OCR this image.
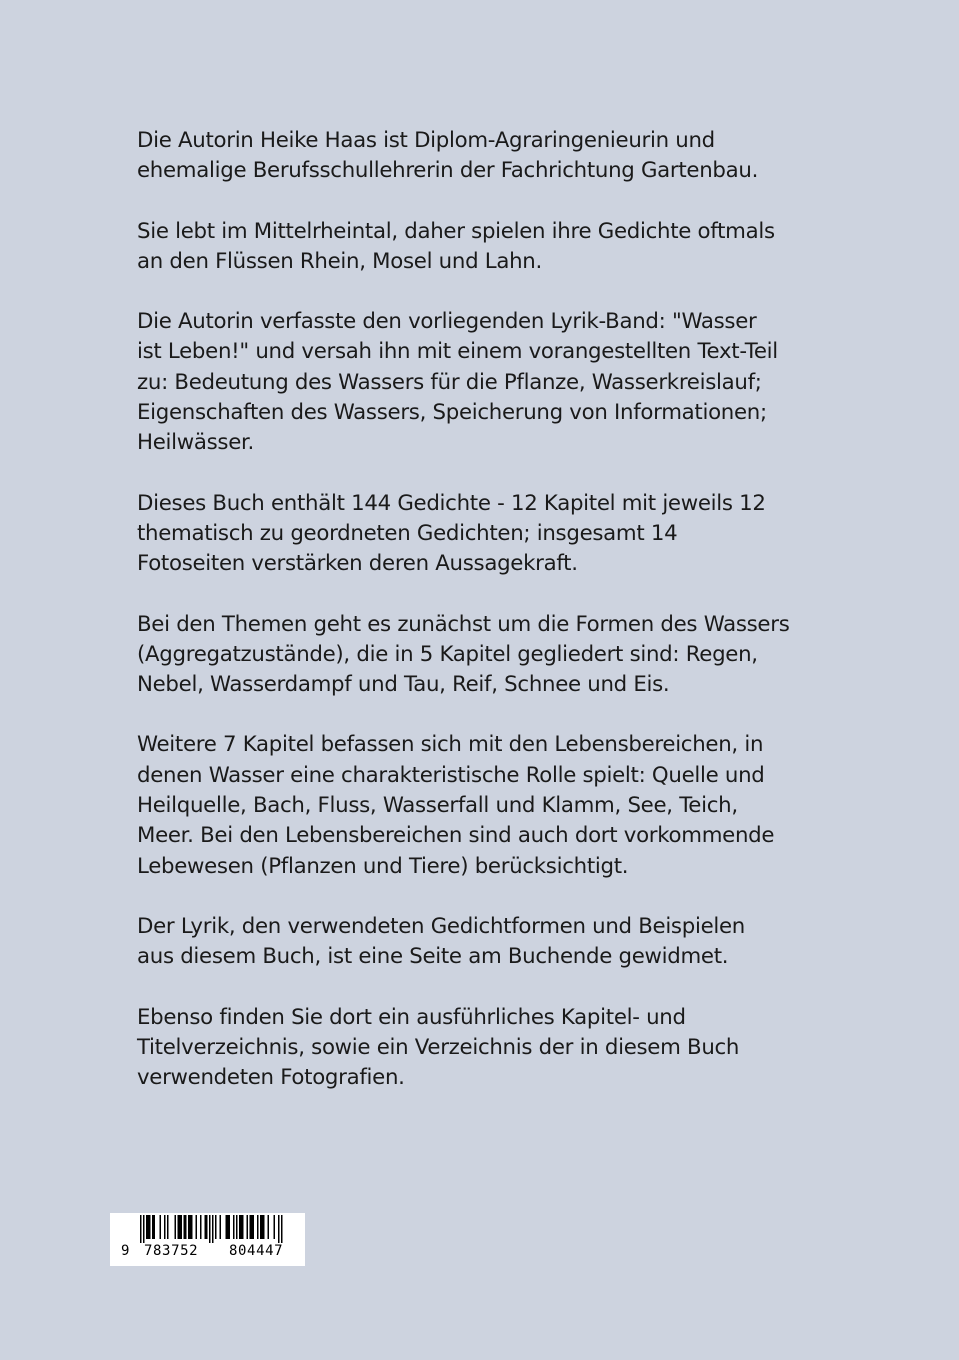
Die Autorin Heike Haas ist Diplom-Agraringenieurin und
ehemalige Berufsschullehrerin der Fachrichtung Gartenbau.

Sie lebt im Mittelrheintal, daher spielen ihre Gedichte oftmals
an den Flüssen Rhein, Mosel und Lahn.

Die Autorin verfasste den vorliegenden Lyrik-Band: "Wasser
ist Leben!" und versah ihn mit einem vorangestellten Text-Teil
zu: Bedeutung des Wassers für die Pflanze, Wasserkreislauf;
Eigenschaften des Wassers, Speicherung von Informationen;
Heilwässer.

Dieses Buch enthält 144 Gedichte - 12 Kapitel mit jeweils 12
thematisch zu geordneten Gedichten; insgesamt 14
Fotoseiten verstärken deren Aussagekraft.

Bei den Themen geht es zunächst um die Formen des Wassers
(Aggregatzustände), die in 5 Kapitel gegliedert sind: Regen,
Nebel, Wasserdampf und Tau, Reif, Schnee und Eis.

Weitere 7 Kapitel befassen sich mit den Lebensbereichen, in
denen Wasser eine charakteristische Rolle spielt: Quelle und
Heilquelle, Bach, Fluss, Wasserfall und Klamm, See, Teich,
Meer. Bei den Lebensbereichen sind auch dort vorkommende
Lebewesen (Pflanzen und Tiere) berücksichtigt.

Der Lyrik, den verwendeten Gedichtformen und Beispielen
aus diesem Buch, ist eine Seite am Buchende gewidmet.

Ebenso finden Sie dort ein ausführliches Kapitel- und
Titelverzeichnis, sowie ein Verzeichnis der in diesem Buch
verwendeten Fotografien.

9

783752

804447
